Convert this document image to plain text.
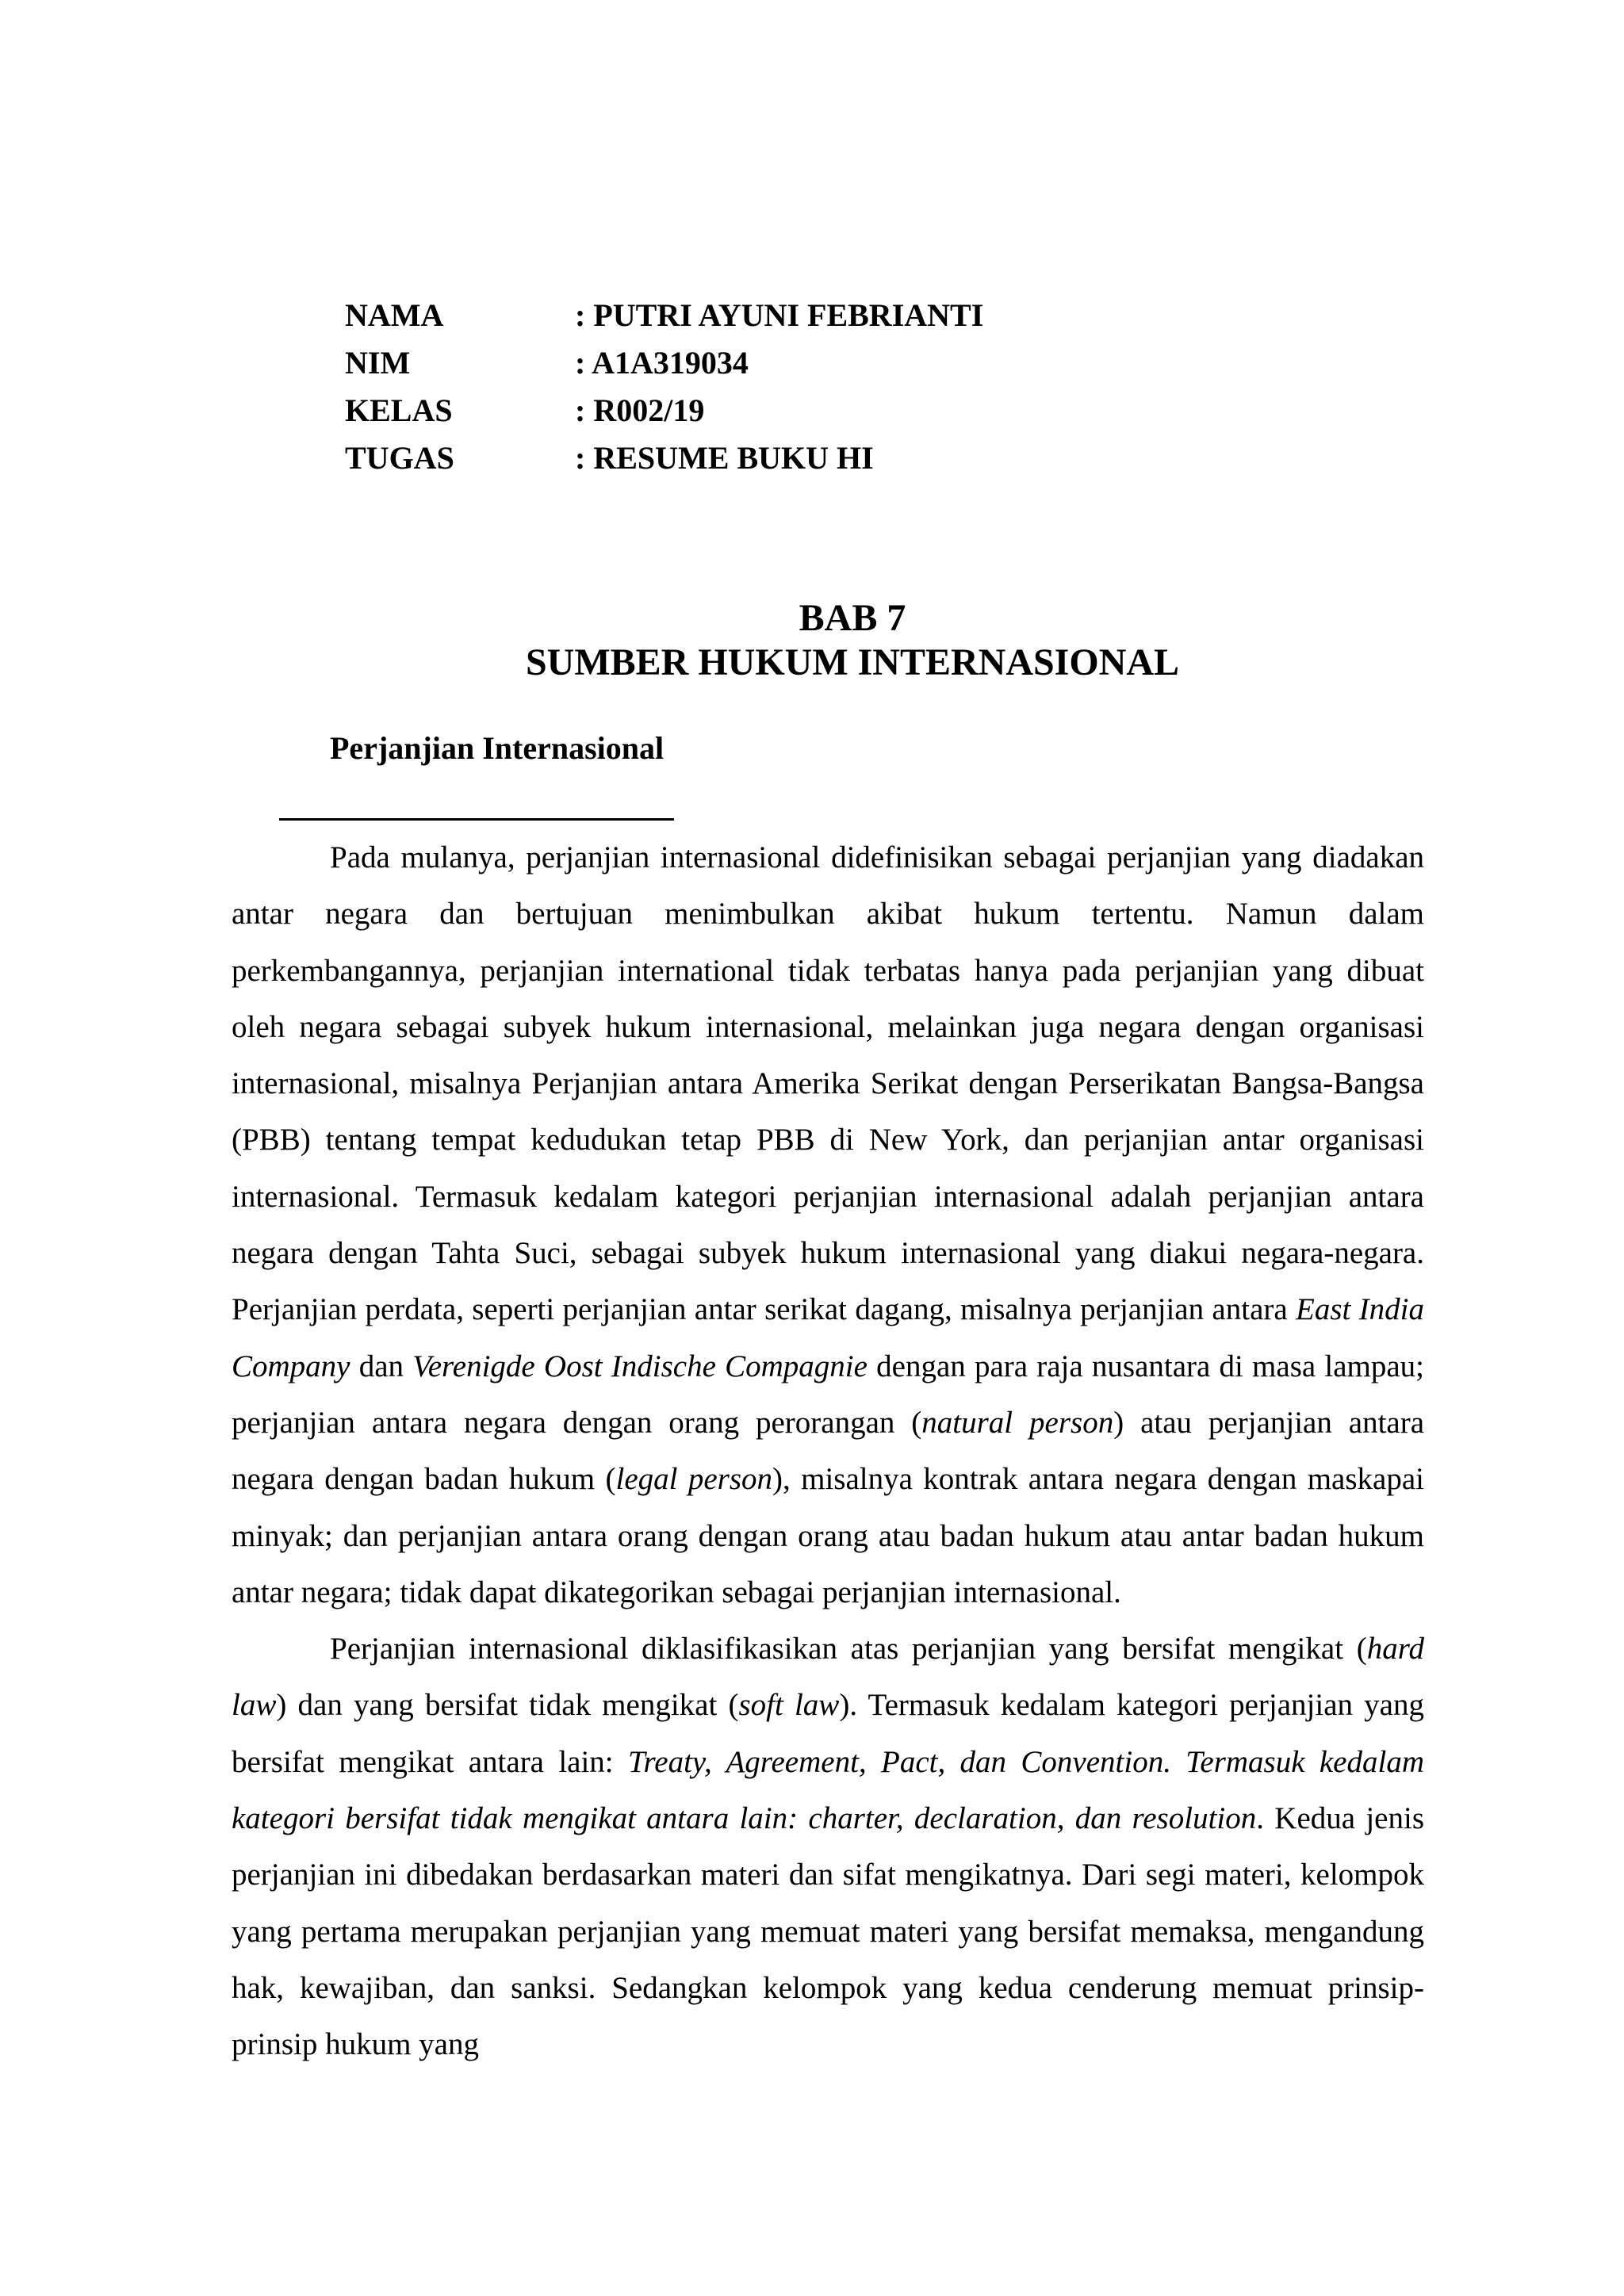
NAMA	: PUTRI AYUNI FEBRIANTI
NIM	: A1A319034
KELAS	: R002/19
TUGAS	: RESUME BUKU HI
BAB 7
SUMBER HUKUM INTERNASIONAL
Perjanjian Internasional

Pada mulanya, perjanjian internasional didefinisikan sebagai perjanjian yang diadakan antar negara dan bertujuan menimbulkan akibat hukum tertentu. Namun dalam perkembangannya, perjanjian international tidak terbatas hanya pada perjanjian yang dibuat oleh negara sebagai subyek hukum internasional, melainkan juga negara dengan organisasi internasional, misalnya Perjanjian antara Amerika Serikat dengan Perserikatan Bangsa-Bangsa (PBB) tentang tempat kedudukan tetap PBB di New York, dan perjanjian antar organisasi internasional. Termasuk kedalam kategori perjanjian internasional adalah perjanjian antara negara dengan Tahta Suci, sebagai subyek hukum internasional yang diakui negara-negara. Perjanjian perdata, seperti perjanjian antar serikat dagang, misalnya perjanjian antara East India Company dan Verenigde Oost Indische Compagnie dengan para raja nusantara di masa lampau; perjanjian antara negara dengan orang perorangan (natural person) atau perjanjian antara negara dengan badan hukum (legal person), misalnya kontrak antara negara dengan maskapai minyak; dan perjanjian antara orang dengan orang atau badan hukum atau antar badan hukum antar negara; tidak dapat dikategorikan sebagai perjanjian internasional.

Perjanjian internasional diklasifikasikan atas perjanjian yang bersifat mengikat (hard law) dan yang bersifat tidak mengikat (soft law). Termasuk kedalam kategori perjanjian yang bersifat mengikat antara lain: Treaty, Agreement, Pact, dan Convention. Termasuk kedalam kategori bersifat tidak mengikat antara lain: charter, declaration, dan resolution. Kedua jenis perjanjian ini dibedakan berdasarkan materi dan sifat mengikatnya. Dari segi materi, kelompok yang pertama merupakan perjanjian yang memuat materi yang bersifat memaksa, mengandung hak, kewajiban, dan sanksi. Sedangkan kelompok yang kedua cenderung memuat prinsip-prinsip hukum yang
